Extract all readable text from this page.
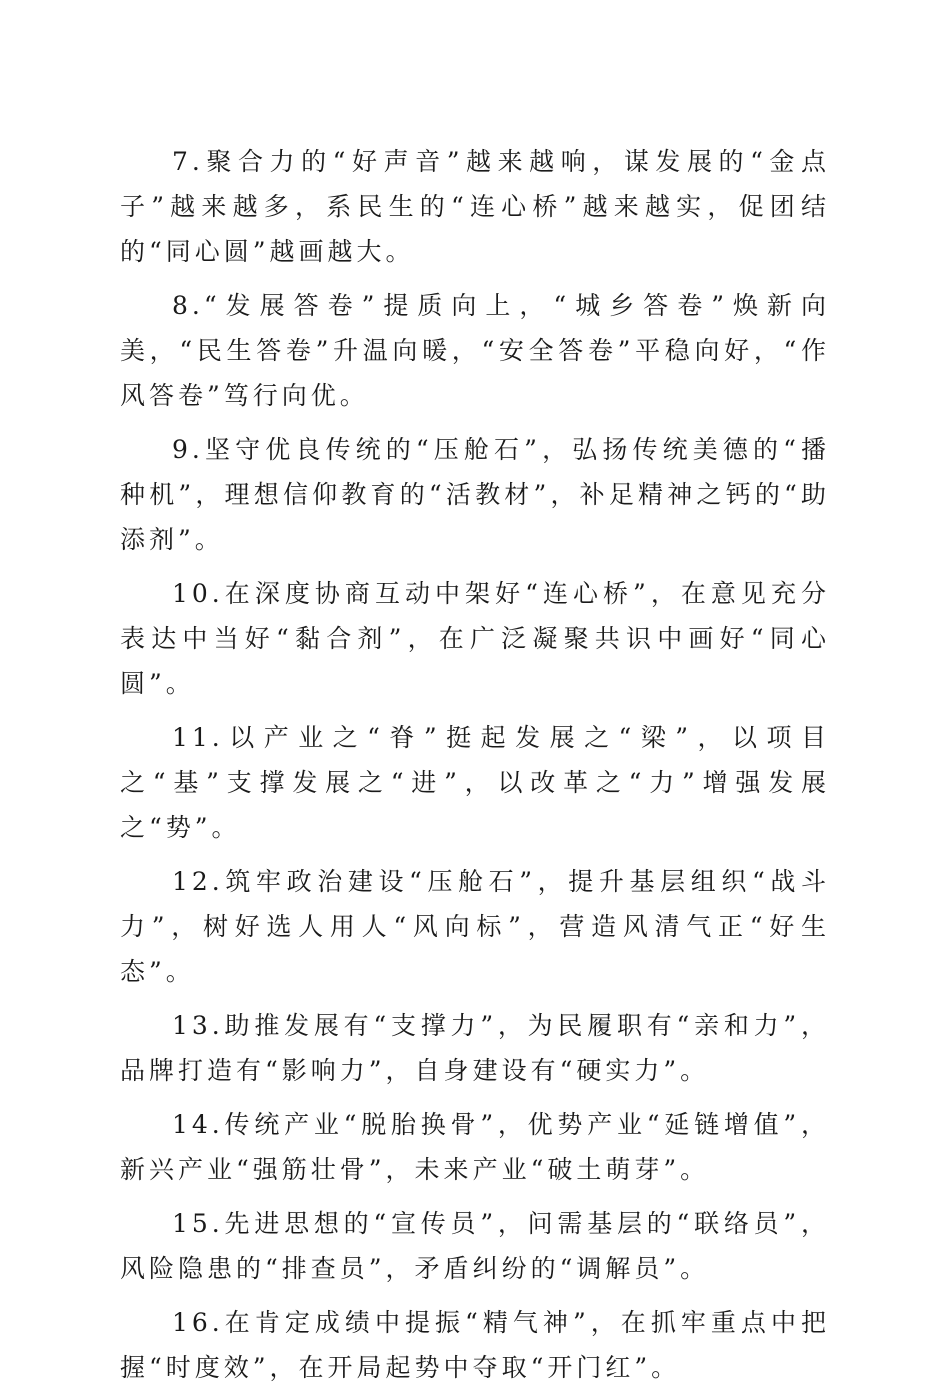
7.聚合力的“好声音”越来越响，谋发展的“金点子”越来越多，系民生的“连心桥”越来越实，促团结的“同心圆”越画越大。

8.“发展答卷”提质向上，“城乡答卷”焕新向美，“民生答卷”升温向暖，“安全答卷”平稳向好，“作风答卷”笃行向优。

9.坚守优良传统的“压舱石”，弘扬传统美德的“播种机”，理想信仰教育的“活教材”，补足精神之钙的“助添剂”。

10.在深度协商互动中架好“连心桥”，在意见充分表达中当好“黏合剂”，在广泛凝聚共识中画好“同心圆”。

11.以产业之“脊”挺起发展之“梁”，以项目之“基”支撑发展之“进”，以改革之“力”增强发展之“势”。

12.筑牢政治建设“压舱石”，提升基层组织“战斗力”，树好选人用人“风向标”，营造风清气正“好生态”。

13.助推发展有“支撑力”，为民履职有“亲和力”，品牌打造有“影响力”，自身建设有“硬实力”。

14.传统产业“脱胎换骨”，优势产业“延链增值”，新兴产业“强筋壮骨”，未来产业“破土萌芽”。

15.先进思想的“宣传员”，问需基层的“联络员”，风险隐患的“排查员”，矛盾纠纷的“调解员”。

16.在肯定成绩中提振“精气神”，在抓牢重点中把握“时度效”，在开局起势中夺取“开门红”。
